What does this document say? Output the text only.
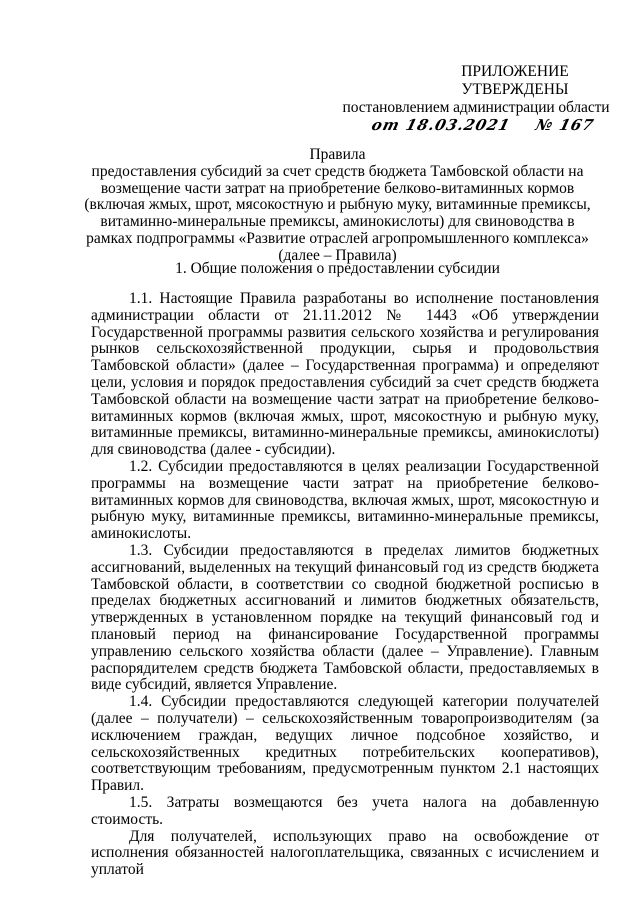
ПРИЛОЖЕНИЕ
УТВЕРЖДЕНЫ
постановлением администрации области
от 18.03.2021 № 167
Правила
предоставления субсидий за счет средств бюджета Тамбовской области на
возмещение части затрат на приобретение белково-витаминных кормов
(включая жмых, шрот, мясокостную и рыбную муку, витаминные премиксы,
витаминно-минеральные премиксы, аминокислоты) для свиноводства в
рамках подпрограммы «Развитие отраслей агропромышленного комплекса»
(далее – Правила)
1. Общие положения о предоставлении субсидии

1.1. Настоящие Правила разработаны во исполнение постановления администрации области от 21.11.2012 № 1443 «Об утверждении Государственной программы развития сельского хозяйства и регулирования рынков сельскохозяйственной продукции, сырья и продовольствия Тамбовской области» (далее – Государственная программа) и определяют цели, условия и порядок предоставления субсидий за счет средств бюджета Тамбовской области на возмещение части затрат на приобретение белково-витаминных кормов (включая жмых, шрот, мясокостную и рыбную муку, витаминные премиксы, витаминно-минеральные премиксы, аминокислоты) для свиноводства (далее - субсидии).

1.2. Субсидии предоставляются в целях реализации Государственной программы на возмещение части затрат на приобретение белково-витаминных кормов для свиноводства, включая жмых, шрот, мясокостную и рыбную муку, витаминные премиксы, витаминно-минеральные премиксы, аминокислоты.

1.3. Субсидии предоставляются в пределах лимитов бюджетных ассигнований, выделенных на текущий финансовый год из средств бюджета Тамбовской области, в соответствии со сводной бюджетной росписью в пределах бюджетных ассигнований и лимитов бюджетных обязательств, утвержденных в установленном порядке на текущий финансовый год и плановый период на финансирование Государственной программы управлению сельского хозяйства области (далее – Управление). Главным распорядителем средств бюджета Тамбовской области, предоставляемых в виде субсидий, является Управление.

1.4. Субсидии предоставляются следующей категории получателей (далее – получатели) – сельскохозяйственным товаропроизводителям (за исключением граждан, ведущих личное подсобное хозяйство, и сельскохозяйственных кредитных потребительских кооперативов), соответствующим требованиям, предусмотренным пунктом 2.1 настоящих Правил.

1.5. Затраты возмещаются без учета налога на добавленную стоимость.

Для получателей, использующих право на освобождение от исполнения обязанностей налогоплательщика, связанных с исчислением и уплатой
